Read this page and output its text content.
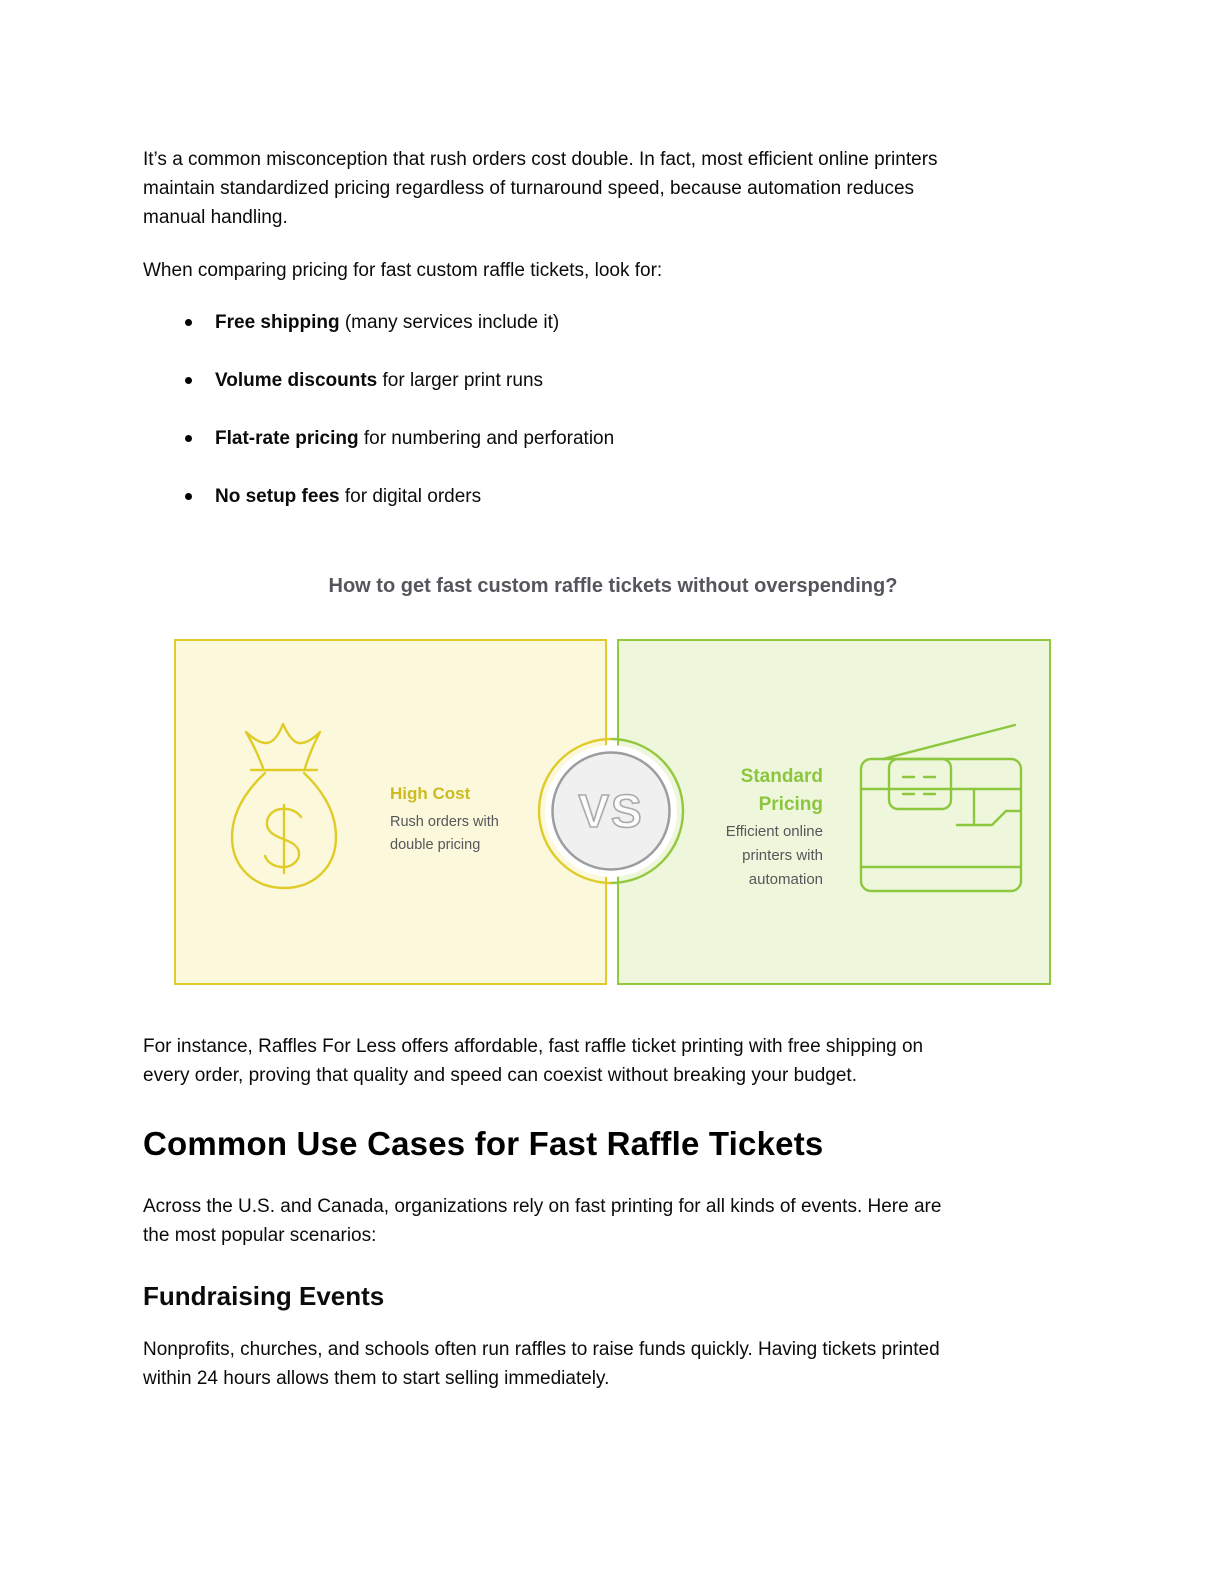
It’s a common misconception that rush orders cost double. In fact, most efficient online printers
maintain standardized pricing regardless of turnaround speed, because automation reduces
manual handling.
When comparing pricing for fast custom raffle tickets, look for:
Free shipping (many services include it)
Volume discounts for larger print runs
Flat-rate pricing for numbering and perforation
No setup fees for digital orders
How to get fast custom raffle tickets without overspending?
High Cost
Rush orders with double pricing
Standard Pricing
Efficient online printers with automation
VS
For instance, Raffles For Less offers affordable, fast raffle ticket printing with free shipping on
every order, proving that quality and speed can coexist without breaking your budget.
Common Use Cases for Fast Raffle Tickets
Across the U.S. and Canada, organizations rely on fast printing for all kinds of events. Here are
the most popular scenarios:
Fundraising Events
Nonprofits, churches, and schools often run raffles to raise funds quickly. Having tickets printed
within 24 hours allows them to start selling immediately.
